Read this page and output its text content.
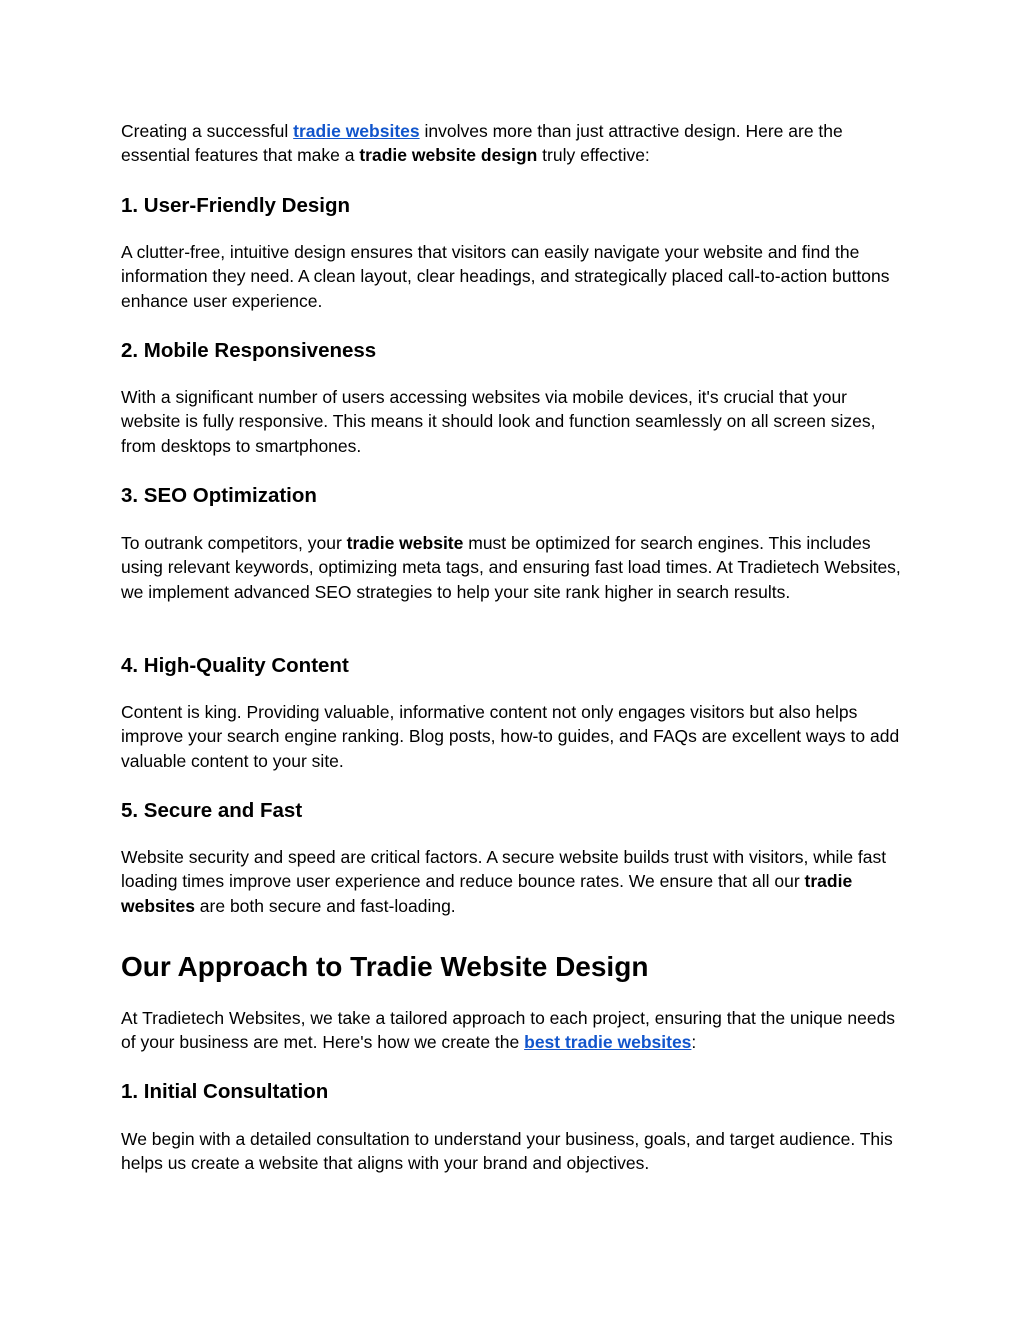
Creating a successful tradie websites involves more than just attractive design. Here are the essential features that make a tradie website design truly effective:

1. User-Friendly Design

A clutter-free, intuitive design ensures that visitors can easily navigate your website and find the information they need. A clean layout, clear headings, and strategically placed call-to-action buttons enhance user experience.

2. Mobile Responsiveness

With a significant number of users accessing websites via mobile devices, it's crucial that your website is fully responsive. This means it should look and function seamlessly on all screen sizes, from desktops to smartphones.

3. SEO Optimization

To outrank competitors, your tradie website must be optimized for search engines. This includes using relevant keywords, optimizing meta tags, and ensuring fast load times. At Tradietech Websites, we implement advanced SEO strategies to help your site rank higher in search results.

4. High-Quality Content

Content is king. Providing valuable, informative content not only engages visitors but also helps improve your search engine ranking. Blog posts, how-to guides, and FAQs are excellent ways to add valuable content to your site.

5. Secure and Fast

Website security and speed are critical factors. A secure website builds trust with visitors, while fast loading times improve user experience and reduce bounce rates. We ensure that all our tradie websites are both secure and fast-loading.

Our Approach to Tradie Website Design

At Tradietech Websites, we take a tailored approach to each project, ensuring that the unique needs of your business are met. Here's how we create the best tradie websites:

1. Initial Consultation

We begin with a detailed consultation to understand your business, goals, and target audience. This helps us create a website that aligns with your brand and objectives.
